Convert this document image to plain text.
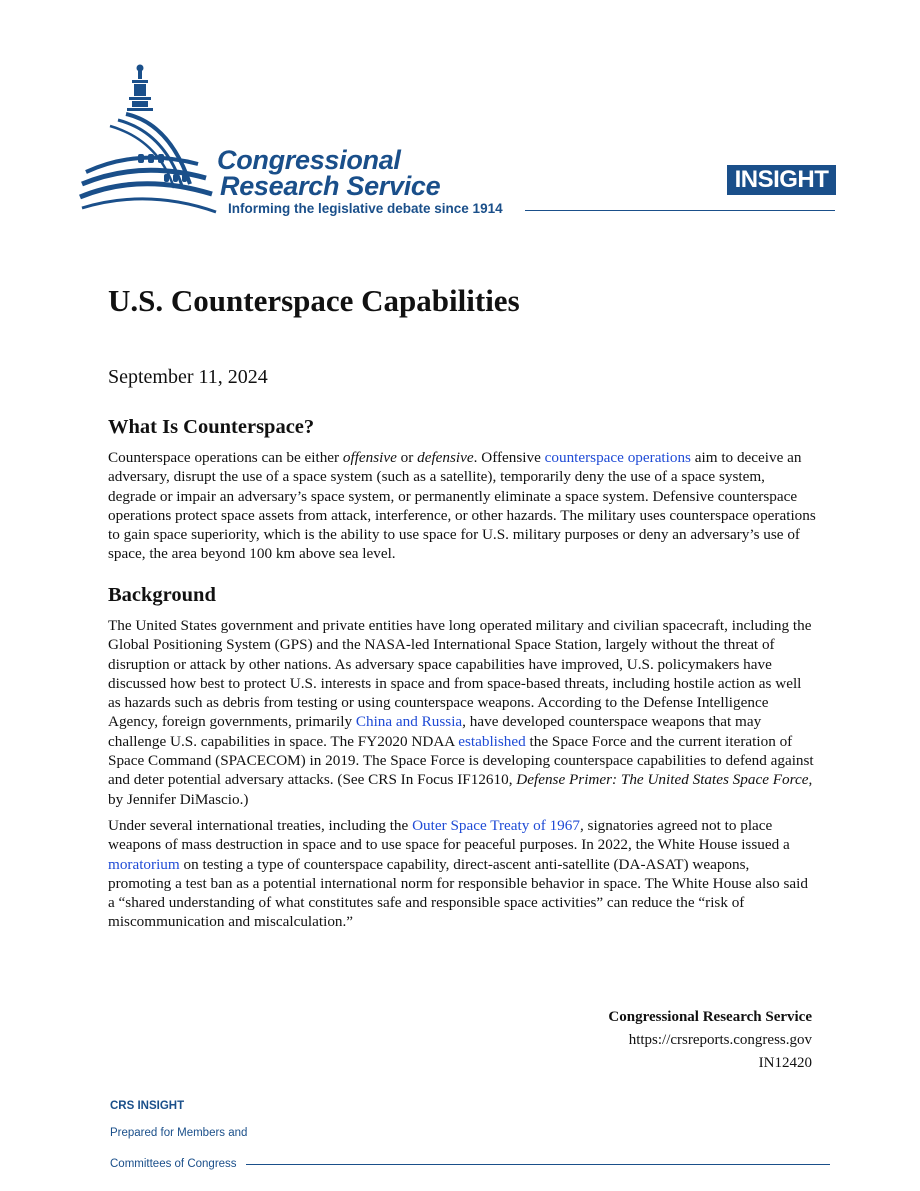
Congressional
Research Service
Informing the legislative debate since 1914
INSIGHT
U.S. Counterspace Capabilities
September 11, 2024
What Is Counterspace?

Counterspace operations can be either offensive or defensive. Offensive counterspace operations aim to deceive an adversary, disrupt the use of a space system (such as a satellite), temporarily deny the use of a space system, degrade or impair an adversary’s space system, or permanently eliminate a space system. Defensive counterspace operations protect space assets from attack, interference, or other hazards. The military uses counterspace operations to gain space superiority, which is the ability to use space for U.S. military purposes or deny an adversary’s use of space, the area beyond 100 km above sea level.

Background

The United States government and private entities have long operated military and civilian spacecraft, including the Global Positioning System (GPS) and the NASA-led International Space Station, largely without the threat of disruption or attack by other nations. As adversary space capabilities have improved, U.S. policymakers have discussed how best to protect U.S. interests in space and from space-based threats, including hostile action as well as hazards such as debris from testing or using counterspace weapons. According to the Defense Intelligence Agency, foreign governments, primarily China and Russia, have developed counterspace weapons that may challenge U.S. capabilities in space. The FY2020 NDAA established the Space Force and the current iteration of Space Command (SPACECOM) in 2019. The Space Force is developing counterspace capabilities to defend against and deter potential adversary attacks. (See CRS In Focus IF12610, Defense Primer: The United States Space Force, by Jennifer DiMascio.)

Under several international treaties, including the Outer Space Treaty of 1967, signatories agreed not to place weapons of mass destruction in space and to use space for peaceful purposes. In 2022, the White House issued a moratorium on testing a type of counterspace capability, direct-ascent anti-satellite (DA-ASAT) weapons, promoting a test ban as a potential international norm for responsible behavior in space. The White House also said a “shared understanding of what constitutes safe and responsible space activities” can reduce the “risk of miscommunication and miscalculation.”

Congressional Research Service
https://crsreports.congress.gov
IN12420
CRS INSIGHT
Prepared for Members and
Committees of Congress
